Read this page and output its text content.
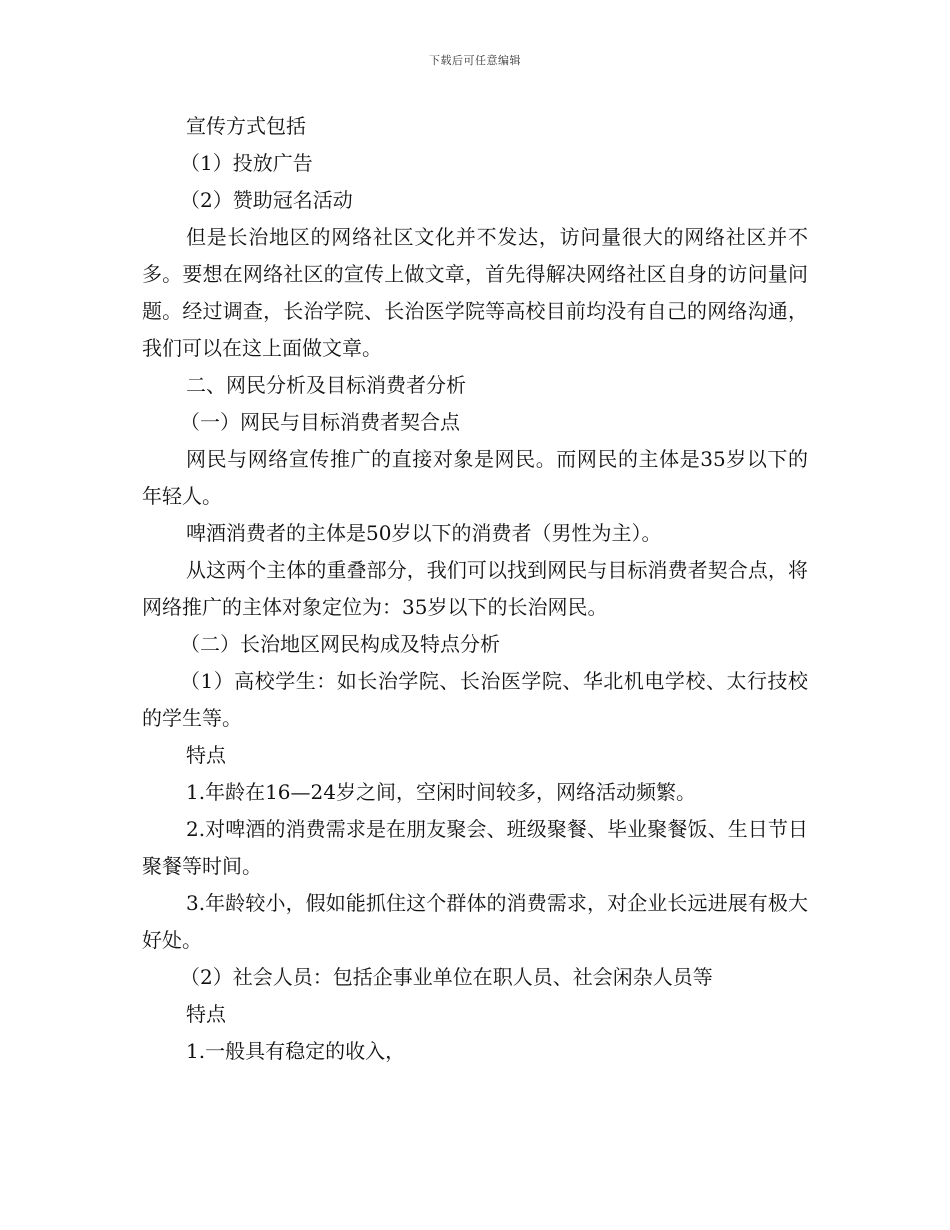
下载后可任意编辑

宣传方式包括

（1）投放广告

（2）赞助冠名活动

但是长治地区的网络社区文化并不发达，访问量很大的网络社区并不多。要想在网络社区的宣传上做文章，首先得解决网络社区自身的访问量问题。经过调查，长治学院、长治医学院等高校目前均没有自己的网络沟通，我们可以在这上面做文章。

二、网民分析及目标消费者分析

（一）网民与目标消费者契合点

网民与网络宣传推广的直接对象是网民。而网民的主体是35岁以下的年轻人。

啤酒消费者的主体是50岁以下的消费者（男性为主）。

从这两个主体的重叠部分，我们可以找到网民与目标消费者契合点，将网络推广的主体对象定位为：35岁以下的长治网民。

（二）长治地区网民构成及特点分析

（1）高校学生：如长治学院、长治医学院、华北机电学校、太行技校的学生等。

特点

1.年龄在16—24岁之间，空闲时间较多，网络活动频繁。

2.对啤酒的消费需求是在朋友聚会、班级聚餐、毕业聚餐饭、生日节日聚餐等时间。

3.年龄较小，假如能抓住这个群体的消费需求，对企业长远进展有极大好处。

（2）社会人员：包括企事业单位在职人员、社会闲杂人员等

特点

1.一般具有稳定的收入，
